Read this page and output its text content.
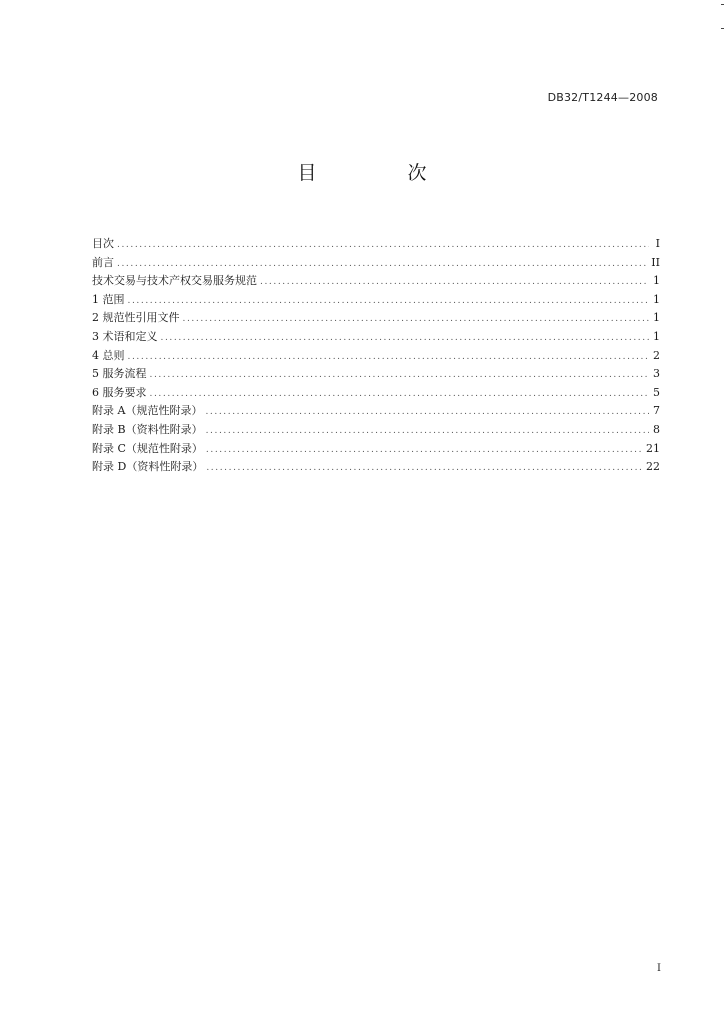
DB32/T1244—2008
目　次
目次 .....	I
前言 .....	II
技术交易与技术产权交易服务规范 .....	1
1 范围 .....	1
2 规范性引用文件 .....	1
3 术语和定义 .....	1
4 总则 .....	2
5 服务流程 .....	3
6 服务要求 .....	5
附录 A（规范性附录） .....	7
附录 B（资料性附录） .....	8
附录 C（规范性附录） .....	21
附录 D（资料性附录） .....	22
I
